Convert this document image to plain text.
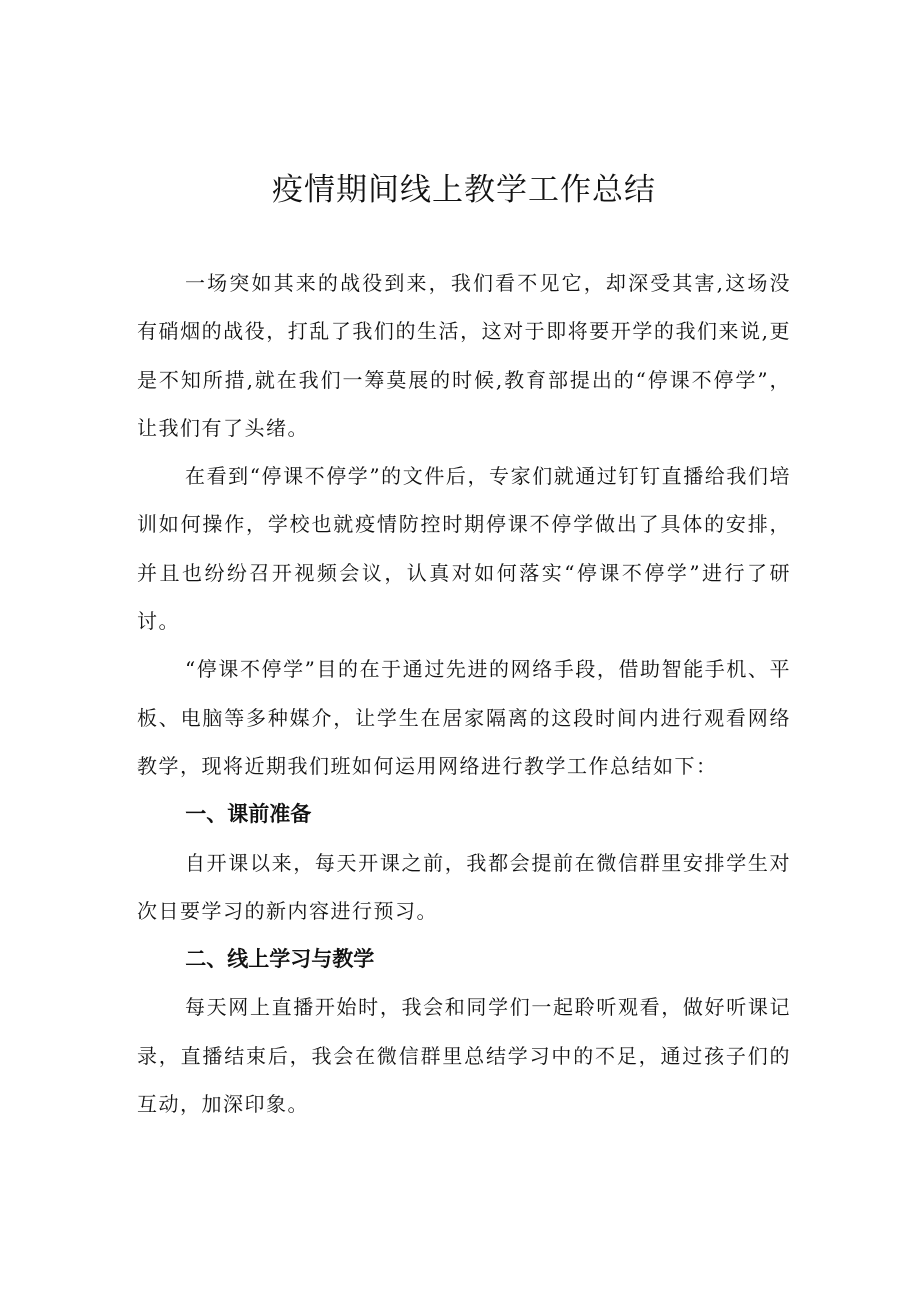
疫情期间线上教学工作总结

一场突如其来的战役到来，我们看不见它，却深受其害,这场没有硝烟的战役，打乱了我们的生活，这对于即将要开学的我们来说,更是不知所措,就在我们一筹莫展的时候,教育部提出的“停课不停学”，让我们有了头绪。

在看到“停课不停学”的文件后，专家们就通过钉钉直播给我们培训如何操作，学校也就疫情防控时期停课不停学做出了具体的安排，并且也纷纷召开视频会议，认真对如何落实“停课不停学”进行了研讨。

“停课不停学”目的在于通过先进的网络手段，借助智能手机、平板、电脑等多种媒介，让学生在居家隔离的这段时间内进行观看网络教学，现将近期我们班如何运用网络进行教学工作总结如下：

一、课前准备

自开课以来，每天开课之前，我都会提前在微信群里安排学生对次日要学习的新内容进行预习。

二、线上学习与教学

每天网上直播开始时，我会和同学们一起聆听观看，做好听课记录，直播结束后，我会在微信群里总结学习中的不足，通过孩子们的互动，加深印象。
